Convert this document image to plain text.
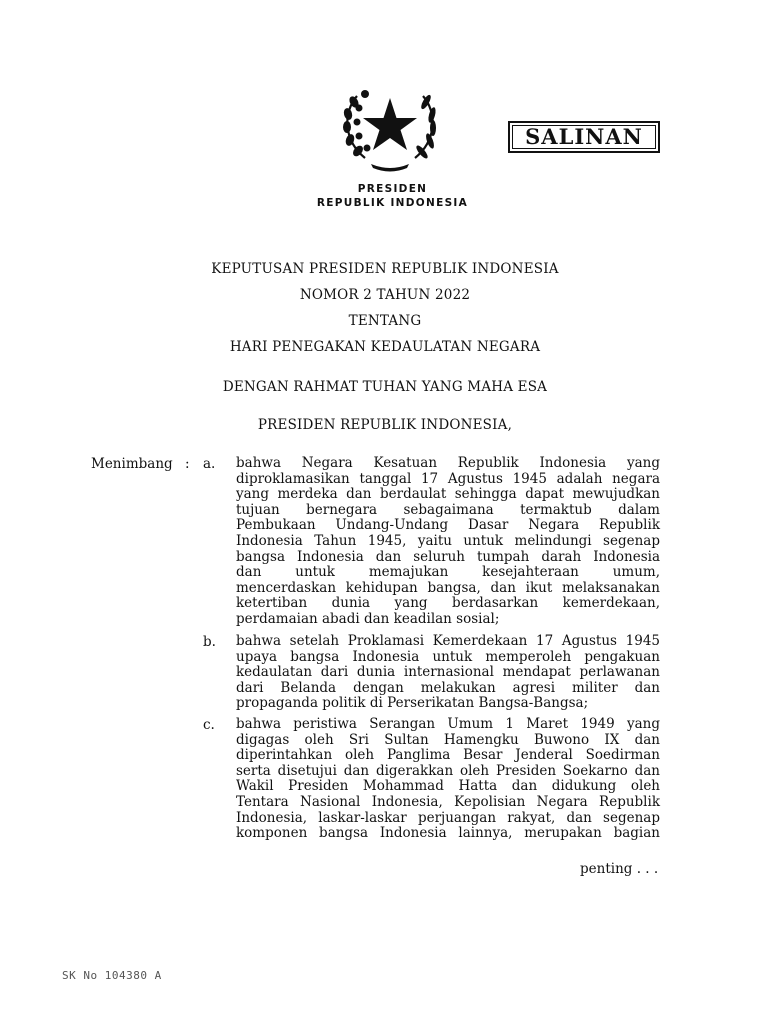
SALINAN
PRESIDEN
REPUBLIK INDONESIA
KEPUTUSAN PRESIDEN REPUBLIK INDONESIA
NOMOR 2 TAHUN 2022
TENTANG
HARI PENEGAKAN KEDAULATAN NEGARA
DENGAN RAHMAT TUHAN YANG MAHA ESA
PRESIDEN REPUBLIK INDONESIA,
Menimbang : a. bahwa Negara Kesatuan Republik Indonesia yang
diproklamasikan tanggal 17 Agustus 1945 adalah negara
yang merdeka dan berdaulat sehingga dapat mewujudkan
tujuan bernegara sebagaimana termaktub dalam
Pembukaan Undang-Undang Dasar Negara Republik
Indonesia Tahun 1945, yaitu untuk melindungi segenap
bangsa Indonesia dan seluruh tumpah darah Indonesia
dan untuk memajukan kesejahteraan umum,
mencerdaskan kehidupan bangsa, dan ikut melaksanakan
ketertiban dunia yang berdasarkan kemerdekaan,
perdamaian abadi dan keadilan sosial;
b. bahwa setelah Proklamasi Kemerdekaan 17 Agustus 1945
upaya bangsa Indonesia untuk memperoleh pengakuan
kedaulatan dari dunia internasional mendapat perlawanan
dari Belanda dengan melakukan agresi militer dan
propaganda politik di Perserikatan Bangsa-Bangsa;
c. bahwa peristiwa Serangan Umum 1 Maret 1949 yang
digagas oleh Sri Sultan Hamengku Buwono IX dan
diperintahkan oleh Panglima Besar Jenderal Soedirman
serta disetujui dan digerakkan oleh Presiden Soekarno dan
Wakil Presiden Mohammad Hatta dan didukung oleh
Tentara Nasional Indonesia, Kepolisian Negara Republik
Indonesia, laskar-laskar perjuangan rakyat, dan segenap
komponen bangsa Indonesia lainnya, merupakan bagian
penting . . .
SK No 104380 A
